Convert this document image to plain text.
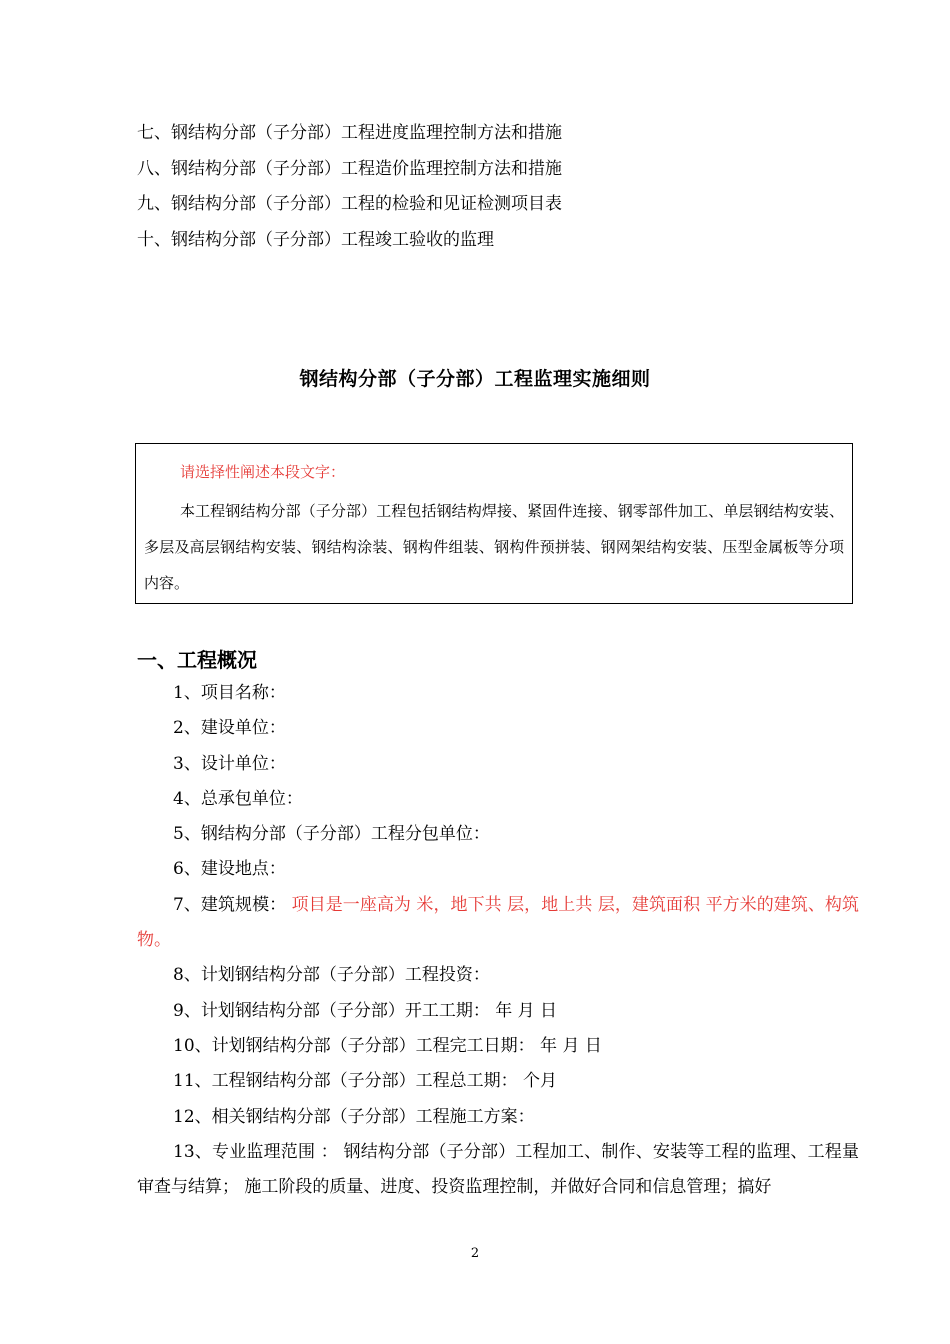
七、钢结构分部（子分部）工程进度监理控制方法和措施
八、钢结构分部（子分部）工程造价监理控制方法和措施
九、钢结构分部（子分部）工程的检验和见证检测项目表
十、钢结构分部（子分部）工程竣工验收的监理
钢结构分部（子分部）工程监理实施细则
请选择性阐述本段文字：
本工程钢结构分部（子分部）工程包括钢结构焊接、紧固件连接、钢零部件加工、单层钢结构安装、多层及高层钢结构安装、钢结构涂装、钢构件组装、钢构件预拼装、钢网架结构安装、压型金属板等分项内容。
一、工程概况
1、项目名称：
2、建设单位：
3、设计单位：
4、总承包单位：
5、钢结构分部（子分部）工程分包单位：
6、建设地点：
7、建筑规模： 项目是一座高为 米，地下共 层，地上共 层，建筑面积 平方米的建筑、构筑物。
8、计划钢结构分部（子分部）工程投资：
9、计划钢结构分部（子分部）开工工期： 年 月 日
10、计划钢结构分部（子分部）工程完工日期： 年 月 日
11、工程钢结构分部（子分部）工程总工期： 个月
12、相关钢结构分部（子分部）工程施工方案：
13、专业监理范围 ： 钢结构分部（子分部）工程加工、制作、安装等工程的监理、工程量审查与结算； 施工阶段的质量、进度、投资监理控制，并做好合同和信息管理；搞好
2
